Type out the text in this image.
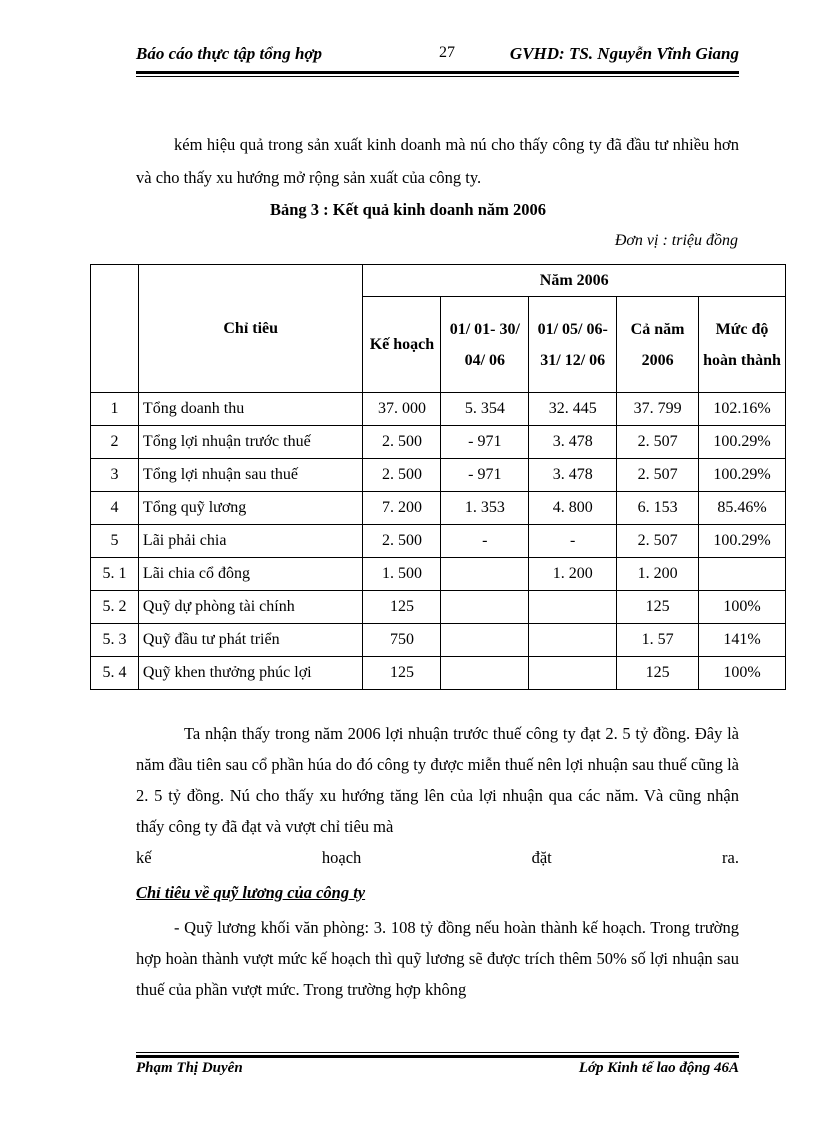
Báo cáo thực tập tổng hợp	27	GVHD: TS. Nguyễn Vĩnh Giang
kém hiệu quả trong sản xuất kinh doanh mà nú cho thấy công ty đã đầu tư nhiều hơn và cho thấy xu hướng mở rộng sản xuất của công ty.
Bảng 3 : Kết quả kinh doanh năm 2006
Đơn vị : triệu đồng
	Chỉ tiêu	Năm 2006				
		Kế hoạch	01/ 01- 30/ 04/ 06	01/ 05/ 06-31/ 12/ 06	Cả năm 2006	Mức độ hoàn thành
1	Tổng doanh thu	37. 000	5. 354	32. 445	37. 799	102.16%
2	Tổng lợi nhuận trước thuế	2. 500	- 971	3. 478	2. 507	100.29%
3	Tổng lợi nhuận sau thuế	2. 500	- 971	3. 478	2. 507	100.29%
4	Tổng quỹ lương	7. 200	1. 353	4. 800	6. 153	85.46%
5	Lãi phải chia	2. 500	-	-	2. 507	100.29%
5. 1	Lãi chia cổ đông	1. 500		1. 200	1. 200	
5. 2	Quỹ dự phòng tài chính	125			125	100%
5. 3	Quỹ đầu tư phát triển	750			1. 57	141%
5. 4	Quỹ khen thưởng phúc lợi	125			125	100%
Ta nhận thấy trong năm 2006 lợi nhuận trước thuế công ty đạt 2. 5 tỷ đồng. Đây là năm đầu tiên sau cổ phần húa do đó công ty được miễn thuế nên lợi nhuận sau thuế cũng là 2. 5 tỷ đồng. Nú cho thấy xu hướng tăng lên của lợi nhuận qua các năm. Và cũng nhận thấy công ty đã đạt và vượt chỉ tiêu mà
kế	hoạch	đặt	ra.
Chỉ tiêu về quỹ lương của công ty
- Quỹ lương khối văn phòng: 3. 108 tỷ đồng nếu hoàn thành kế hoạch. Trong trường hợp hoàn thành vượt mức kế hoạch thì quỹ lương sẽ được trích thêm 50% số lợi nhuận sau thuế của phần vượt mức. Trong trường hợp không
Phạm Thị Duyên	Lớp Kinh tế lao động 46A
